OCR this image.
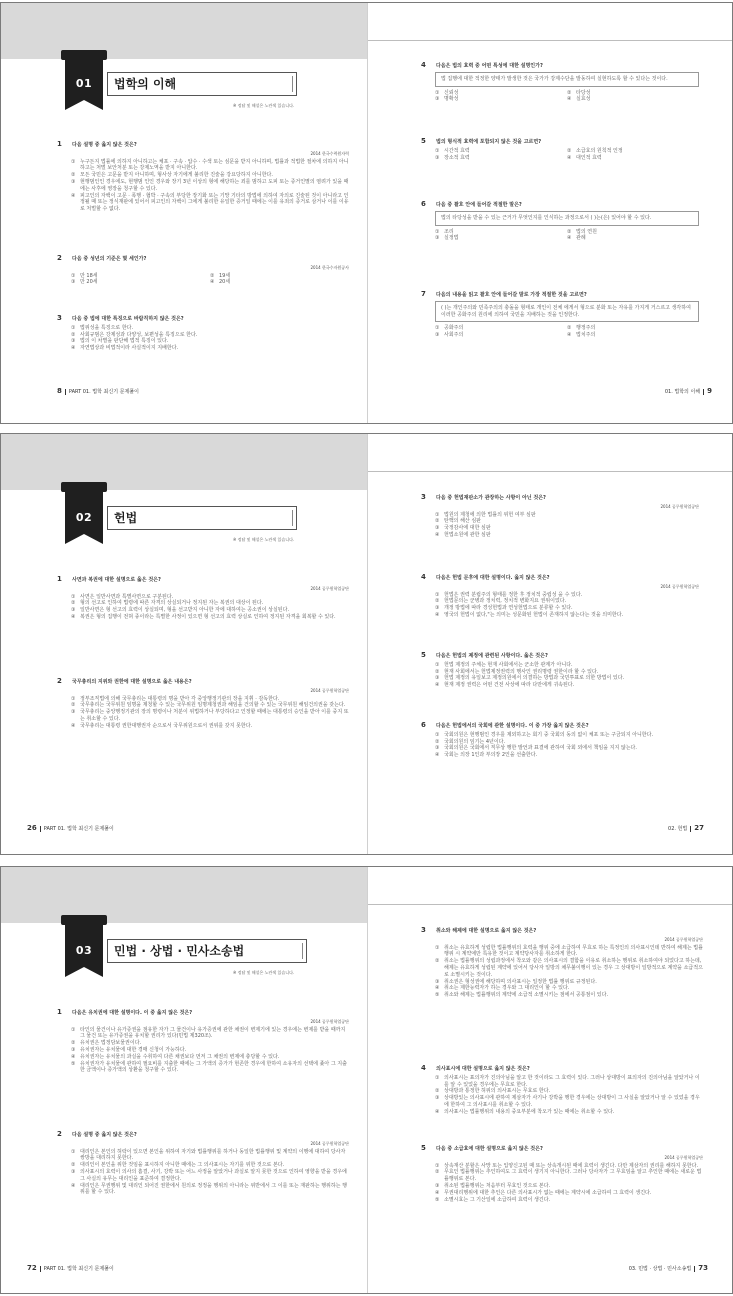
01	법학의 이해
※ 정답 및 해설은 노란색 있습니다.
1	다음 설명 중 옳지 않은 것은?
2014 한국수력원자력
① 누구든지 법률에 의하지 아니하고는 체포 · 구속 · 압수 · 수색 또는 심문을 받지 아니하며, 법률과 적법한 절차에 의하지 아니하고는 처벌 보안처분 또는 강제노역을 받지 아니한다.
② 모든 국민은 고문을 받지 아니하며, 형사상 자기에게 불리한 진술을 강요당하지 아니한다.
③ 현행범인인 경우에도, 현행범 인인 경우와 장기 3년 이상의 형에 해당하는 죄를 범하고 도피 또는 증거인멸의 염려가 있을 때에는 사후에 영장을 청구할 수 있다.
④ 피고인의 자백이 고문 · 폭행 · 협박 · 구속의 부당한 장기화 또는 기망 기타의 방법에 의하여 자의로 진술된 것이 아니라고 인정될 때 또는 정식재판에 있어서 피고인의 자백이 그에게 불리한 유일한 증거일 때에는 이를 유죄의 증거로 삼거나 이를 이유로 처벌할 수 없다.
2	다음 중 성년의 기준은 몇 세인가?
2014 한국수자원공사
① 만 18세	② 19세
③ 만 20세	④ 20세
3	다음 중 법에 대한 특징으로 바람직하지 않은 것은?
① 법위성을 특징으로 한다.
② 사회규범은 강제성과 다양성, 보편성을 특징으로 한다.
③ 법의 이 차별을 판단해 법적 특징이 있다.
④ 자연법상과 비법적이라 사실적이지 지배한다.
4	다음은 법의 효력 중 어떤 특성에 대한 설명인가?
법 집행에 대한 적정한 양태가 발생한 것은 국가가 강제수단을 발동하여 실현하도록 할 수 있다는 것이다.
① 신뢰성	② 타당성
③ 명확성	④ 실효성
5	법의 형식적 효력에 포함되지 않은 것을 고르면?
① 시간적 효력	② 소급효의 원칙적 인정
③ 장소적 효력	④ 대인적 효력
6	다음 중 괄호 안에 들어갈 적절한 말은?
법의 타당성을 받을 수 있는 근거가 무엇인지를 인식하는 과정으로서 ( )는(은) 있어야 할 수 있다.
① 조리	② 법의 연원
③ 실정법	④ 관례
7	다음의 내용을 읽고 괄호 안에 들어갈 말로 가장 적절한 것을 고르면?
( )는 개인주의와 민족주의의 충돌을 형태로 개인이 전체 에게서 형으로 분화 또는 자유를 가지게 거스르고 생각하여 이러한 공화주의 원리에 의하여 국민을 지배하는 것을 인정한다.
① 공화주의	② 행정주의
③ 사회주의	④ 법치주의
8 PART 01. 법학 최신기 문제풀이	01. 법학의 이해 9
02	헌법
※ 정답 및 해설은 노란색 있습니다.
1	사면과 복권에 대한 설명으로 옳은 것은?
2014 공무원학업공단
① 사면은 일반사면과 특별사면으로 구분된다.
② 형의 선고로 인하여 법령에 따른 자격의 상실되거나 정지된 자는 복권의 대상이 된다.
③ 일반사면은 형 선고의 효력이 상실되며, 형을 선고받지 아니한 자에 대하여는 공소권이 상실된다.
④ 복권은 형의 집행이 전혀 종이라는 특별한 사정이 있으면 형 선고의 효력 상실로 인하여 정지된 자격을 회복할 수 있다.
2	국무총리의 지위와 권한에 대한 설명으로 옳은 내용은?
2014 공무원학업공단
① 정부조직법에 의해 국무총리는 대통령의 명을 받아 각 중앙행정기관의 장을 지휘 · 감독한다.
② 국무총리는 국무위원 임명을 제청할 수 있는 국무위원 임명제청권과 해임을 건의할 수 있는 국무위원 해임건의권을 갖는다.
③ 국무총리는 중앙행정기관의 장의 명령이나 처분이 위법하거나 부당하다고 인정할 때에는 대통령의 승인을 받아 이를 중지 또는 취소할 수 있다.
④ 국무총리는 대통령 권한대행권자 순으로서 국무위원으로서 권위를 갖지 못한다.
3	다음 중 헌법재판소가 관장하는 사항이 아닌 것은?
2014 공무원학업공단
① 법원의 제청에 의한 법률의 위헌 여부 심판
② 탄핵의 해산 심판
③ 국정감사에 대한 심판
④ 헌법소원에 관한 심판
4	다음은 헌법 문후에 대한 설명이다. 옳지 않은 것은?
2014 공무원학업공단
① 헌법은 권력 분립주의 형태를 정한 후 정치적 중립성 을 수 있다.
② 헌법문의는 군병과 정치력, 정치적 변화지요 권위이었다.
③ 개정 방법에 따라 경성헌법과 연성헌법으로 분류할 수 있다.
④ 영국의 헌법이 없다,"는 의미는 성문화된 헌법이 존재하지 않는다는 것을 의미한다.
5	다음은 헌법의 제정에 관련된 사항이다. 옳은 것은?
① 헌법 제정의 주체는 현재 사회에서는 군소한 관계가 아니다.
② 현재 사회에서는 헌법제정권력의 행사인 권리명령 권한이라 할 수 있다.
③ 헌법 제정의 유일보고 제정의원에서 의결하는 방법과 국민투표로 의한 방법이 있다.
④ 현재 제정 권력은 어떤 건전 사상에 따라 다만에게 귀속된다.
6	다음은 헌법에서의 국회에 관한 설명이다. 이 중 가장 옳지 않은 것은?
① 국회의원은 현행범인 경우를 제외하고는 회기 중 국회의 동의 없이 체포 또는 구금되지 아니한다.
② 국회의원의 임기는 4년이다.
③ 국회의원은 국회에서 직무상 행한 발언과 표결에 관하여 국회 외에서 책임을 지지 않는다.
④ 국회는 의장 1인과 부의장 2인을 선출한다.
26 PART 01. 법학 최신기 문제풀이	02. 헌법 27
03	민법 · 상법 · 민사소송법
※ 정답 및 해설은 노란색 있습니다.
1	다음은 유치권에 대한 설명이다. 이 중 옳지 않은 것은?
2014 공무원학업공단
① 타인의 물건이나 유가증권을 점유한 자가 그 물건이나 유가증권에 관한 채권이 변제기에 있는 경우에는 변제를 받을 때까지 그 물건 또는 유가증권을 유치할 권리가 있다(민법 제320조).
② 유치권은 법정담보물권이다.
③ 유치권자는 유치물에 대한 경매 신청이 가능하다.
④ 유치권자는 유치물의 과실을 수취하여 다른 채권보다 먼저 그 채권의 변제에 충당할 수 있다.
⑤ 유치권자가 유치물에 관하여 필요비를 지출한 때에는 그 가액의 증가가 현존한 경우에 한하여 소유자의 선택에 좇아 그 지출한 금액이나 증가액의 상환을 청구할 수 있다.
2	다음 설명 중 옳지 않은 것은?
2014 공무원학업공단
① 대리인은 본인의 허락이 있으면 본인을 위하여 자기와 법률행위를 하거나 동일한 법률행위 및 계약의 이행에 대하여 당사자 쌍방을 대리하지 못한다.
② 대리인이 본인을 위한 것임을 표시하지 아니한 때에는 그 의사표시는 자기를 위한 것으로 본다.
③ 의사표시의 효력이 의사의 흠결, 사기, 강박 또는 어느 사정을 알았거나 과실로 알지 못한 것으로 인하여 영향을 받을 경우에 그 사실의 유무는 대리인을 표준하여 결정한다.
④ 대리인은 무권행위 및 대리인 되어진 권한에서 원의로 정정을 행위의 아니라는 위반에서 그 이를 또는 재판하는 행위하는 행위를 할 수 있다.
3	취소와 해제에 대한 설명으로 옳지 않은 것은?
2014 공무원학업공단
① 취소는 유효하게 성립한 법률행위의 효력을 행위 중에 소급하여 무효로 하는 특정인의 의사표시인데 반하여 해제는 법률행위 시 계약에만 특유한 것이고 계약당사자를 취소하게 한다.
② 취소는 법률행위의 성립과정에서 착오와 같은 의사표시의 결함을 이유로 취소하는 행위로 취소하여야 되었다고 하는데, 해제는 유효하게 성립된 계약에 있어서 당사자 일방의 채무불이행이 있는 경우 그 상대방이 일방적으로 계약을 소급적으로 소멸시키는 것이다.
③ 취소권은 형성권에 해당하며 의사표시는 일정한 법률 행위로 규정된다.
④ 취소는 제한능력자가 하는 경우와 그 대리인이 할 수 있다.
⑤ 취소와 해제는 법률행위의 계약에 소급적 소멸시키는 점에서 공통점이 있다.
4	의사표시에 대한 설명으로 옳지 않은 것은?
① 의사표시는 표의자가 진의아님을 알고 한 것이라도 그 효력이 있다. 그러나 상대방이 표의자의 진의아님을 알았거나 이를 알 수 있었을 경우에는 무효로 한다.
② 상대방과 통정한 허위의 의사표시는 무효로 한다.
③ 상대방있는 의사표시에 관하여 제삼자가 사기나 강박을 행한 경우에는 상대방이 그 사실을 알았거나 알 수 있었을 경우에 한하여 그 의사표시를 취소할 수 있다.
④ 의사표시는 법률행위의 내용의 중요부분에 착오가 있는 때에는 취소할 수 있다.
5	다음 중 소급효에 대한 설명으로 옳지 않은 것은?
2014 공무원학업공단
① 상속재산 분할은 사망 또는 입양신고된 때 또는 상속개시된 때에 효력이 생긴다. 다만 제삼자의 권리를 해하지 못한다.
② 무효인 법률행위는 추인하여도 그 효력이 생기지 아니한다. 그러나 당사자가 그 무효임을 알고 추인한 때에는 새로운 법률행위로 본다.
③ 취소된 법률행위는 처음부터 무효인 것으로 본다.
④ 무권대리행위에 대한 추인은 다른 의사표시가 없는 때에는 계약시에 소급하여 그 효력이 생긴다.
⑤ 소멸시효는 그 기산일에 소급하여 효력이 생긴다.
72 PART 01. 법학 최신기 문제풀이	03. 민법 · 상법 · 민사소송법 73
